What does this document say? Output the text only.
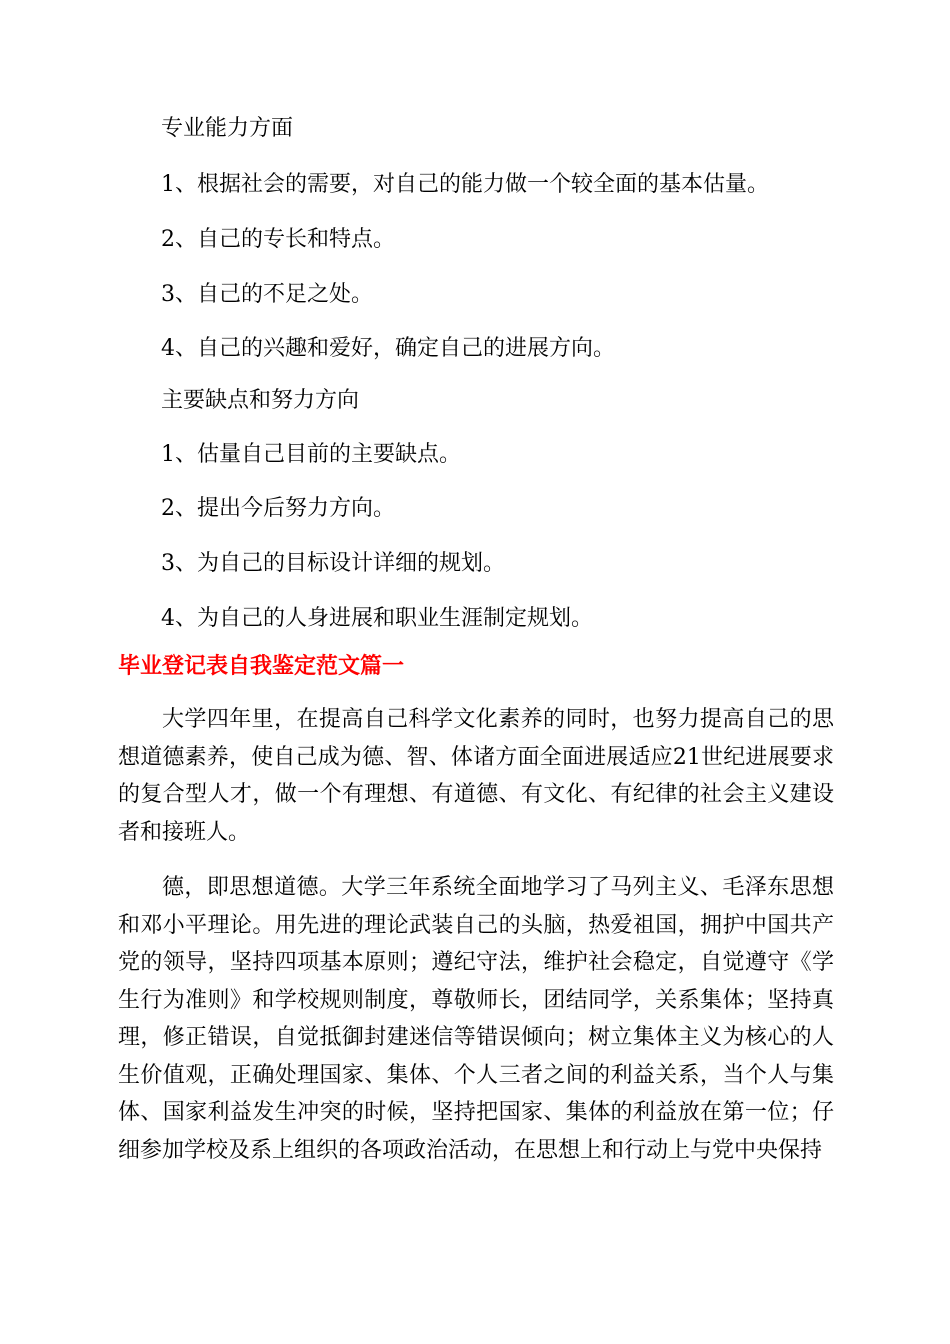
专业能力方面

1、根据社会的需要，对自己的能力做一个较全面的基本估量。

2、自己的专长和特点。

3、自己的不足之处。

4、自己的兴趣和爱好，确定自己的进展方向。

主要缺点和努力方向

1、估量自己目前的主要缺点。

2、提出今后努力方向。

3、为自己的目标设计详细的规划。

4、为自己的人身进展和职业生涯制定规划。

毕业登记表自我鉴定范文篇一

大学四年里，在提高自己科学文化素养的同时，也努力提高自己的思想道德素养，使自己成为德、智、体诸方面全面进展适应21世纪进展要求的复合型人才，做一个有理想、有道德、有文化、有纪律的社会主义建设者和接班人。

德，即思想道德。大学三年系统全面地学习了马列主义、毛泽东思想和邓小平理论。用先进的理论武装自己的头脑，热爱祖国，拥护中国共产党的领导，坚持四项基本原则；遵纪守法，维护社会稳定，自觉遵守《学生行为准则》和学校规则制度，尊敬师长，团结同学，关系集体；坚持真理，修正错误，自觉抵御封建迷信等错误倾向；树立集体主义为核心的人生价值观，正确处理国家、集体、个人三者之间的利益关系，当个人与集体、国家利益发生冲突的时候，坚持把国家、集体的利益放在第一位；仔细参加学校及系上组织的各项政治活动，在思想上和行动上与党中央保持
